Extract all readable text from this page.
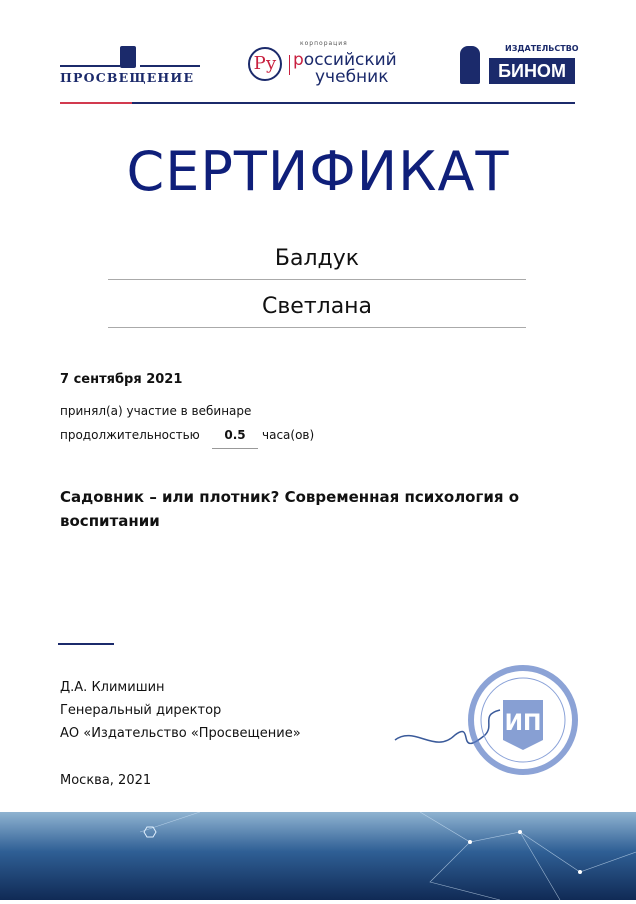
ПРОСВЕЩЕНИЕ
Ру
корпорация
российский
учебник
ИЗДАТЕЛЬСТВО
БИНОМ
СЕРТИФИКАТ
Балдук
Светлана
7 сентября 2021
принял(а) участие в вебинаре
продолжительностью	0.5	часа(ов)
Садовник – или плотник? Современная психология о воспитании
Д.А. Климишин
Генеральный директор
АО «Издательство «Просвещение»
Москва, 2021
ИП
